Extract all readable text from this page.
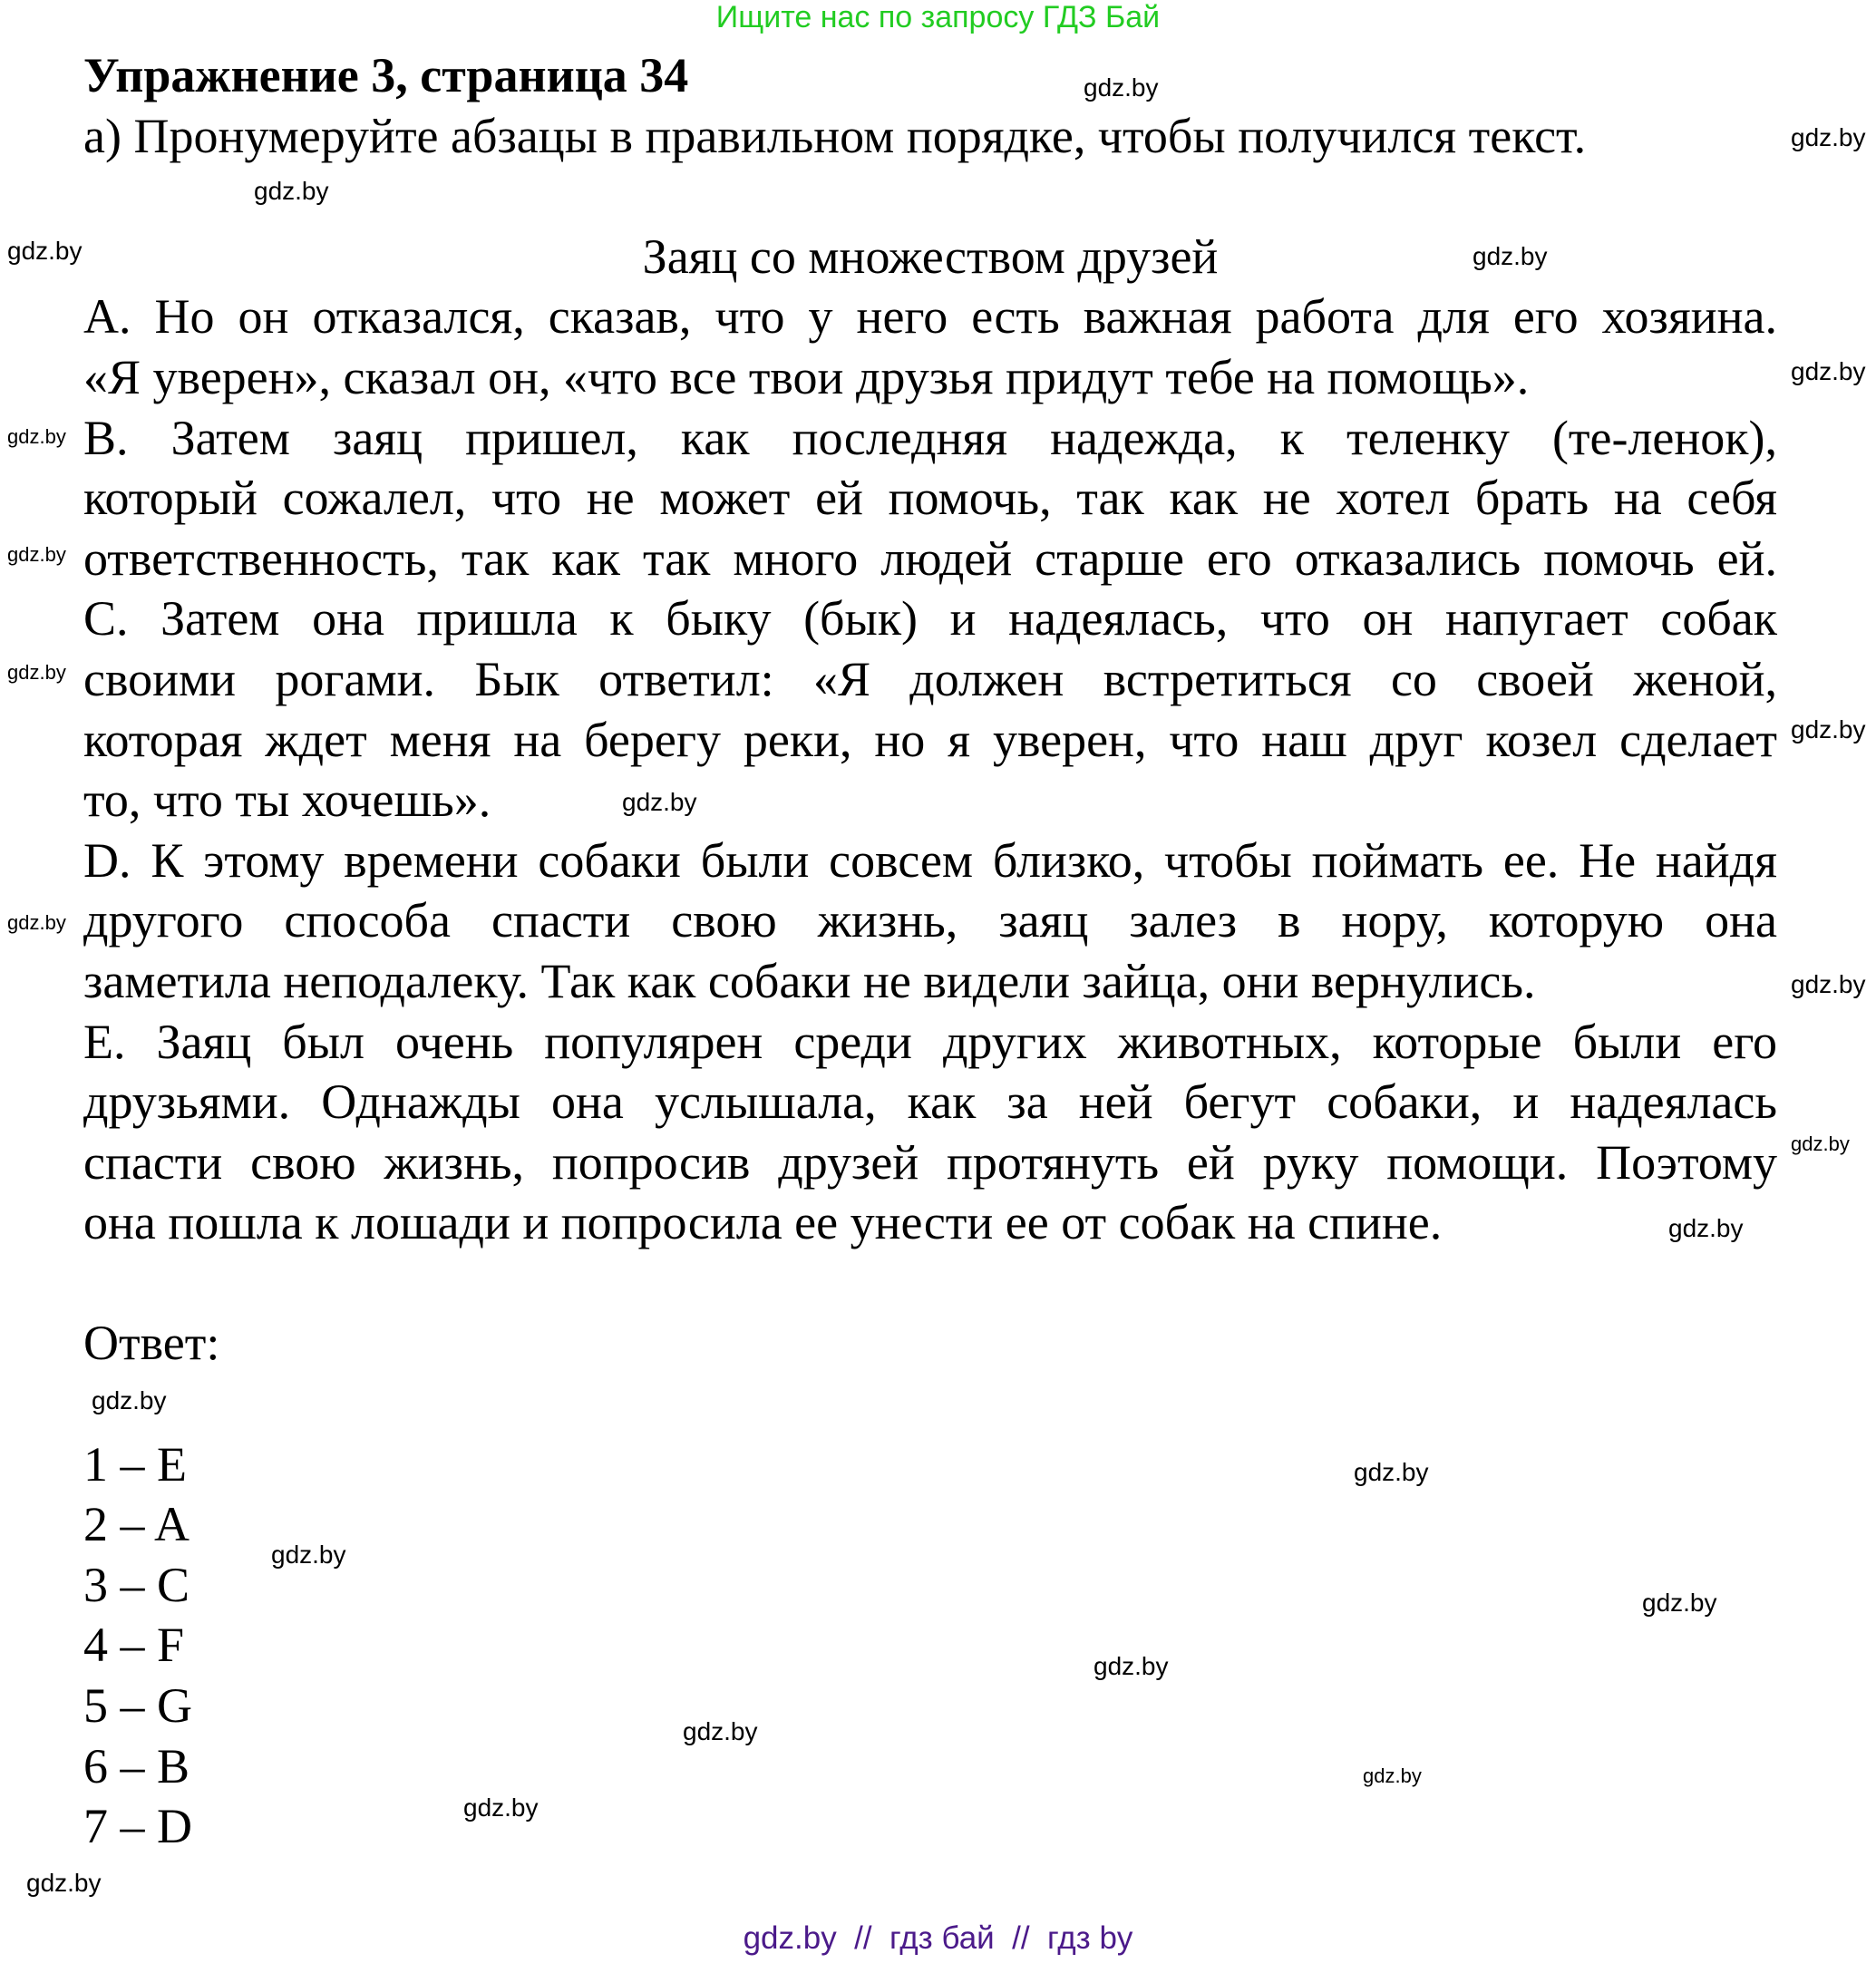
Ищите нас по запросу ГДЗ Бай
Упражнение 3, страница 34
а) Пронумеруйте абзацы в правильном порядке, чтобы получился текст.
Заяц со множеством друзей
A. Но он отказался, сказав, что у него есть важная работа для его хозяина.
«Я уверен», сказал он, «что все твои друзья придут тебе на помощь».
B. Затем заяц пришел, как последняя надежда, к теленку (те-ленок),
который сожалел, что не может ей помочь, так как не хотел брать на себя
ответственность, так как так много людей старше его отказались помочь ей.
C. Затем она пришла к быку (бык) и надеялась, что он напугает собак
своими рогами. Бык ответил: «Я должен встретиться со своей женой,
которая ждет меня на берегу реки, но я уверен, что наш друг козел сделает
то, что ты хочешь».
D. К этому времени собаки были совсем близко, чтобы поймать ее. Не найдя
другого способа спасти свою жизнь, заяц залез в нору, которую она
заметила неподалеку. Так как собаки не видели зайца, они вернулись.
E. Заяц был очень популярен среди других животных, которые были его
друзьями. Однажды она услышала, как за ней бегут собаки, и надеялась
спасти свою жизнь, попросив друзей протянуть ей руку помощи. Поэтому
она пошла к лошади и попросила ее унести ее от собак на спине.
Ответ:
1 – E
2 – A
3 – C
4 – F
5 – G
6 – B
7 – D
gdz.by
gdz.by
gdz.by
gdz.by	gdz.by
gdz.by
gdz.by
gdz.by
gdz.by
gdz.by
gdz.by
gdz.by
gdz.by
gdz.by
gdz.by
gdz.by
gdz.by
gdz.by
gdz.by
gdz.by
gdz.by
gdz.by
gdz.by
gdz.by
gdz.by  //  гдз бай  //  гдз by
